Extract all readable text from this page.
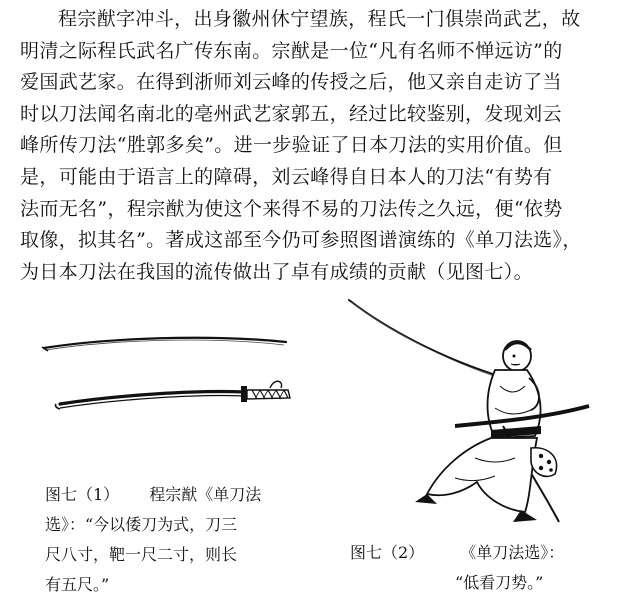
程宗猷字冲斗，出身徽州休宁望族，程氏一门俱崇尚武艺，故
明清之际程氏武名广传东南。宗猷是一位“凡有名师不惮远访”的
爱国武艺家。在得到浙师刘云峰的传授之后，他又亲自走访了当
时以刀法闻名南北的亳州武艺家郭五，经过比较鉴别，发现刘云
峰所传刀法“胜郭多矣”。进一步验证了日本刀法的实用价值。但
是，可能由于语言上的障碍，刘云峰得自日本人的刀法“有势有
法而无名”，程宗猷为使这个来得不易的刀法传之久远，便“依势
取像，拟其名”。著成这部至今仍可参照图谱演练的《单刀法选》，
为日本刀法在我国的流传做出了卓有成绩的贡献（见图七）。

图七（1） 程宗猷《单刀法
选》：“今以倭刀为式，刀三
尺八寸，靶一尺二寸，则长
有五尺。”
图七（2） 《单刀法选》：
“低看刀势。”
